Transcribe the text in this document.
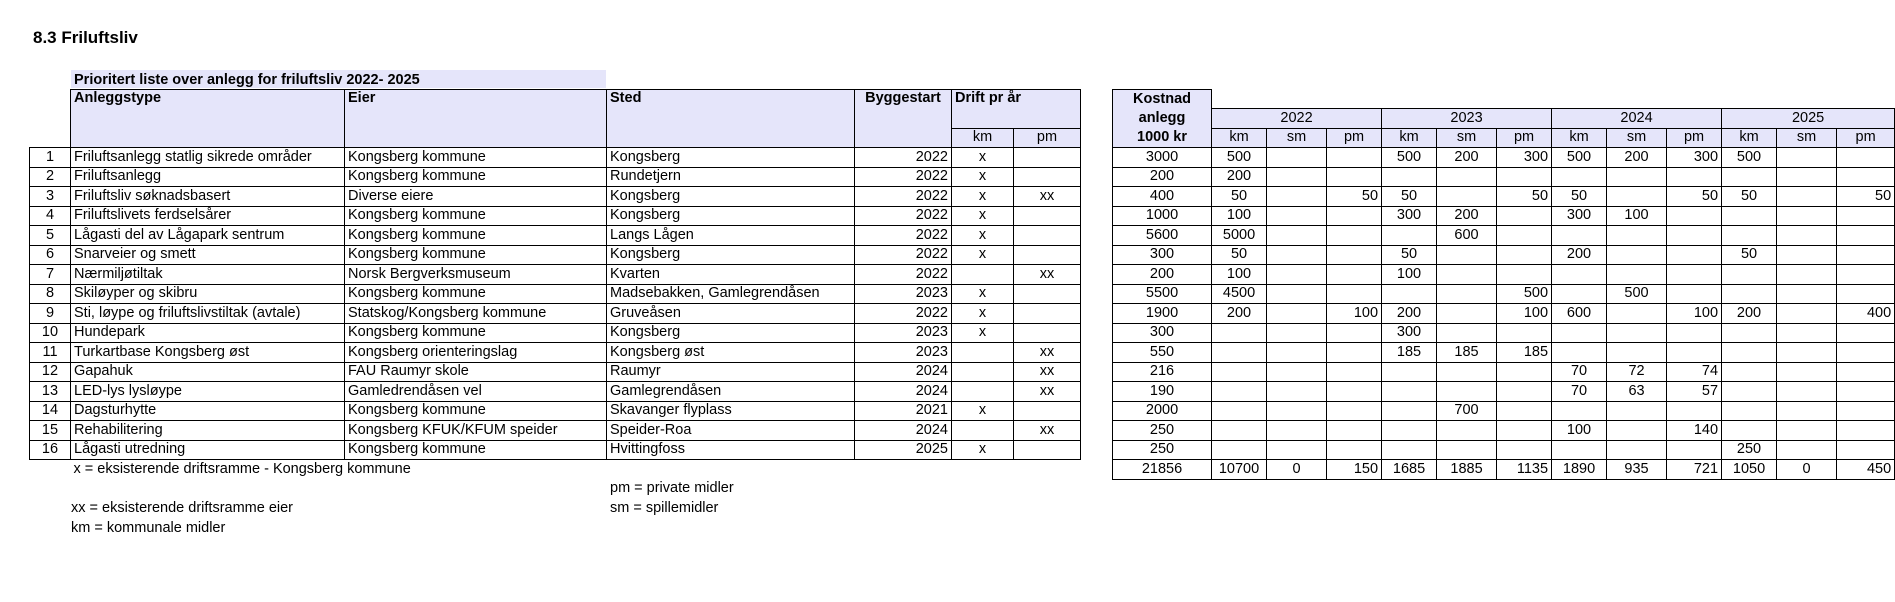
8.3 Friluftsliv
Prioritert liste over anlegg for friluftsliv 2022- 2025
	Anleggstype	Eier	Sted	Byggestart	Drift pr år			Kostnad												
								anlegg	2022			2023			2024			2025		
					km	pm		1000 kr	km	sm	pm	km	sm	pm	km	sm	pm	km	sm	pm
1	Friluftsanlegg statlig sikrede områder	Kongsberg kommune	Kongsberg	2022	x			3000	500			500	200	300	500	200	300	500		
2	Friluftsanlegg	Kongsberg kommune	Rundetjern	2022	x			200	200											
3	Friluftsliv søknadsbasert	Diverse eiere	Kongsberg	2022	x	xx		400	50		50	50		50	50		50	50		50
4	Friluftslivets ferdselsårer	Kongsberg kommune	Kongsberg	2022	x			1000	100			300	200		300	100				
5	Lågasti del av Lågapark sentrum	Kongsberg kommune	Langs Lågen	2022	x			5600	5000				600							
6	Snarveier og smett	Kongsberg kommune	Kongsberg	2022	x			300	50			50			200			50		
7	Nærmiljøtiltak	Norsk Bergverksmuseum	Kvarten	2022		xx		200	100			100								
8	Skiløyper og skibru	Kongsberg kommune	Madsebakken, Gamlegrendåsen	2023	x			5500	4500					500		500				
9	Sti, løype og friluftslivstiltak (avtale)	Statskog/Kongsberg kommune	Gruveåsen	2022	x			1900	200		100	200		100	600		100	200		400
10	Hundepark	Kongsberg kommune	Kongsberg	2023	x			300				300								
11	Turkartbase Kongsberg øst	Kongsberg orienteringslag	Kongsberg øst	2023		xx		550				185	185	185						
12	Gapahuk	FAU Raumyr skole	Raumyr	2024		xx		216							70	72	74			
13	LED-lys lysløype	Gamledrendåsen vel	Gamlegrendåsen	2024		xx		190							70	63	57			
14	Dagsturhytte	Kongsberg kommune	Skavanger flyplass	2021	x			2000					700							
15	Rehabilitering	Kongsberg KFUK/KFUM speider	Speider-Roa	2024		xx		250							100		140			
16	Lågasti utredning	Kongsberg kommune	Hvittingfoss	2025	x			250										250		
	x = eksisterende driftsramme - Kongsberg kommune							21856	10700	0	150	1685	1885	1135	1890	935	721	1050	0	450
xx = eksisterende driftsramme eier
km = kommunale midler
pm = private midler
sm = spillemidler
